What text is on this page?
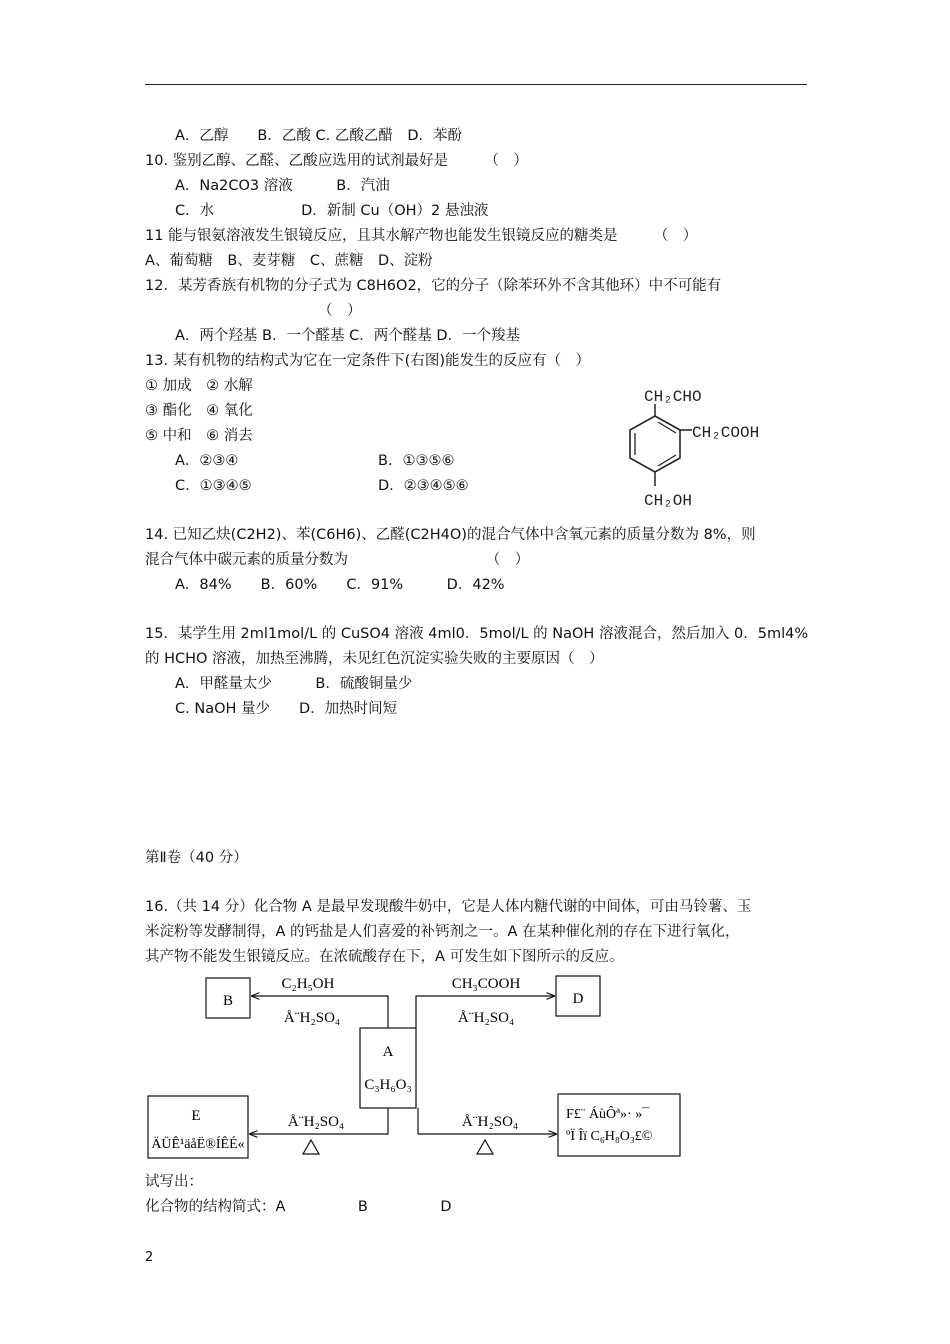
A．乙醇　　B．乙酸 C. 乙酸乙醋　D．苯酚
10. 鉴别乙醇、乙醛、乙酸应选用的试剂最好是　　　（　）
A．Na2CO3 溶液　　　B．汽油
C．水　　　　　　D．新制 Cu（OH）2 悬浊液
11 能与银氨溶液发生银镜反应，且其水解产物也能发生银镜反应的糖类是　　　（　）
A、葡萄糖　B、麦芽糖　C、蔗糖　D、淀粉
12．某芳香族有机物的分子式为 C8H6O2，它的分子（除苯环外不含其他环）中不可能有
（　）
A．两个羟基 B．一个醛基 C．两个醛基 D．一个羧基
13. 某有机物的结构式为它在一定条件下(右图)能发生的反应有（　）
① 加成　② 水解
③ 酯化　④ 氧化
⑤ 中和　⑥ 消去
A．②③④	B．①③⑤⑥
C．①③④⑤	D．②③④⑤⑥
CH₂CHO
CH₂COOH
CH₂OH
14. 已知乙炔(C2H2)、苯(C6H6)、乙醛(C2H4O)的混合气体中含氧元素的质量分数为 8%，则
混合气体中碳元素的质量分数为　　　　　　　　　　（　）
A．84%　　B．60%　　C．91%　　　D．42%
15．某学生用 2ml1mol/L 的 CuSO4 溶液 4ml0．5mol/L 的 NaOH 溶液混合，然后加入 0．5ml4%
的 HCHO 溶液，加热至沸腾，未见红色沉淀实验失败的主要原因（　）
A．甲醛量太少　　　B．硫酸铜量少
C. NaOH 量少　　D．加热时间短
第Ⅱ卷（40 分）
16.（共 14 分）化合物 A 是最早发现酸牛奶中，它是人体内糖代谢的中间体，可由马铃薯、玉
米淀粉等发酵制得，A 的钙盐是人们喜爱的补钙剂之一。A 在某种催化剂的存在下进行氧化，
其产物不能发生银镜反应。在浓硫酸存在下，A 可发生如下图所示的反应。
B	D
A
C₃H₆O₃
E
ÄÜÊ¹äåË®ÍÊÉ«
F£¨ ÁùÔª»· »¯
ºÏ Îï C₆H₈O₃£©
C₂H₅OH
Å¨H₂SO₄
CH₃COOH
Å¨H₂SO₄
Å¨H₂SO₄	Å¨H₂SO₄
试写出：
化合物的结构简式：A　　　　　B　　　　　D
2
